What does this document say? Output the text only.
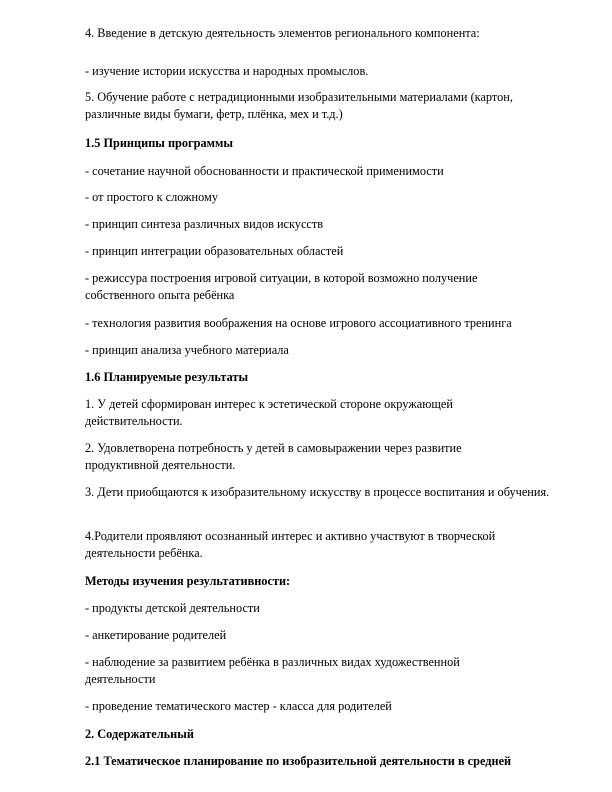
4. Введение в детскую деятельность элементов регионального компонента:

- изучение истории искусства и народных промыслов.

5. Обучение работе с нетрадиционными изобразительными материалами (картон, различные виды бумаги, фетр, плёнка, мех и т.д.)

1.5 Принципы программы

- сочетание научной обоснованности и практической применимости

- от простого к сложному

- принцип синтеза различных видов искусств

- принцип интеграции образовательных областей

- режиссура построения игровой ситуации, в которой возможно получение собственного опыта ребёнка

- технология развития воображения на основе игрового ассоциативного тренинга

- принцип анализа учебного материала

1.6 Планируемые результаты

1. У детей сформирован интерес к эстетической стороне окружающей действительности.

2. Удовлетворена потребность у детей в самовыражении через развитие продуктивной деятельности.

3. Дети приобщаются к изобразительному искусству в процессе воспитания и обучения.

4.Родители проявляют осознанный интерес и активно участвуют в творческой деятельности ребёнка.

Методы изучения результативности:

- продукты детской деятельности

- анкетирование родителей

- наблюдение за развитием ребёнка в различных видах художественной деятельности

- проведение тематического мастер - класса для родителей

2. Содержательный

2.1 Тематическое планирование по изобразительной деятельности в средней
